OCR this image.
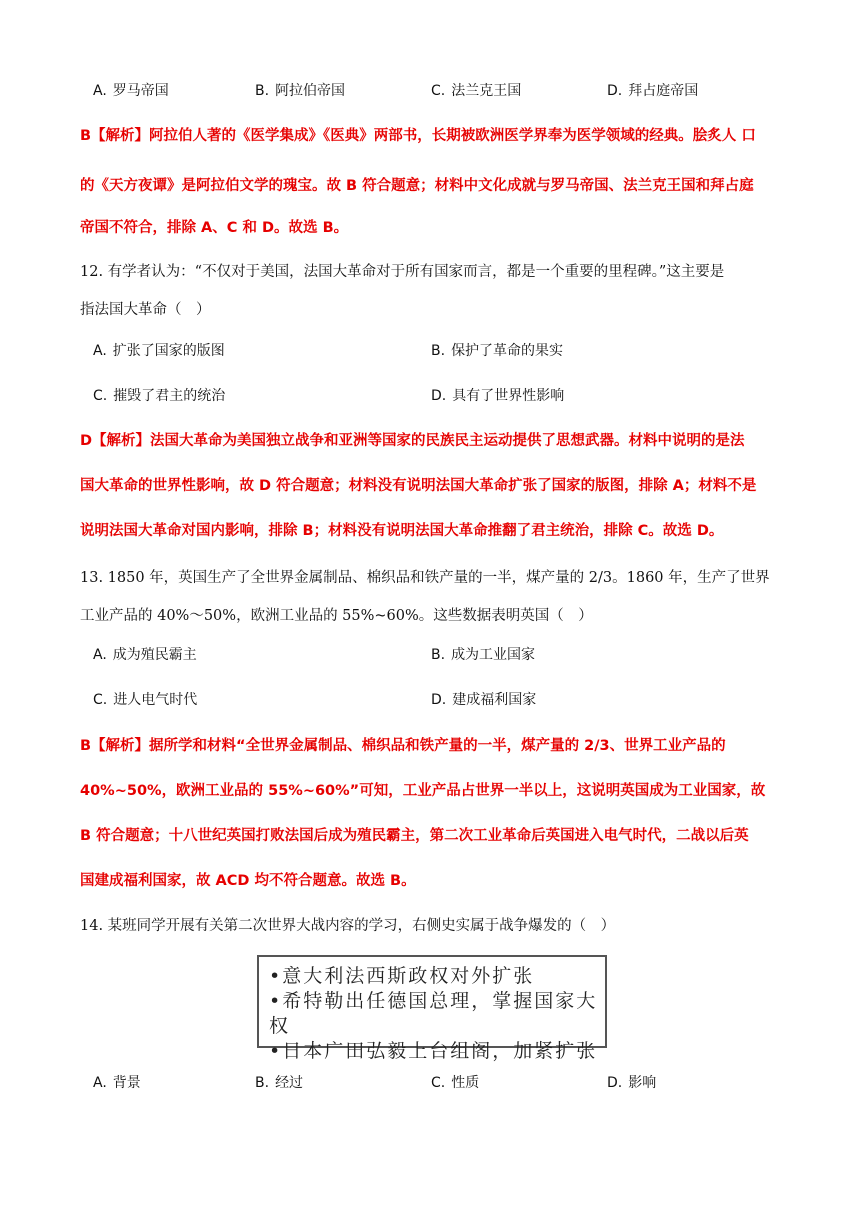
A. 罗马帝国	B. 阿拉伯帝国	C. 法兰克王国	D. 拜占庭帝国
B【解析】阿拉伯人著的《医学集成》《医典》两部书，长期被欧洲医学界奉为医学领域的经典。脍炙人 口
的《天方夜谭》是阿拉伯文学的瑰宝。故 B 符合题意；材料中文化成就与罗马帝国、法兰克王国和拜占庭
帝国不符合，排除 A、C 和 D。故选 B。
12. 有学者认为：“不仅对于美国，法国大革命对于所有国家而言，都是一个重要的里程碑。”这主要是
指法国大革命（　）
A. 扩张了国家的版图	B. 保护了革命的果实
C. 摧毁了君主的统治	D. 具有了世界性影响
D【解析】法国大革命为美国独立战争和亚洲等国家的民族民主运动提供了思想武器。材料中说明的是法
国大革命的世界性影响，故 D 符合题意；材料没有说明法国大革命扩张了国家的版图，排除 A；材料不是
说明法国大革命对国内影响，排除 B；材料没有说明法国大革命推翻了君主统治，排除 C。故选 D。
13. 1850 年，英国生产了全世界金属制品、棉织品和铁产量的一半，煤产量的 2/3。1860 年，生产了世界
工业产品的 40%～50%，欧洲工业品的 55%~60%。这些数据表明英国（　）
A. 成为殖民霸主	B. 成为工业国家
C. 进人电气时代	D. 建成福利国家
B【解析】据所学和材料“全世界金属制品、棉织品和铁产量的一半，煤产量的 2/3、世界工业产品的
40%~50%，欧洲工业品的 55%~60%”可知，工业产品占世界一半以上，这说明英国成为工业国家，故
B 符合题意；十八世纪英国打败法国后成为殖民霸主，第二次工业革命后英国进入电气时代，二战以后英
国建成福利国家，故 ACD 均不符合题意。故选 B。
14. 某班同学开展有关第二次世界大战内容的学习，右侧史实属于战争爆发的（　）
•意大利法西斯政权对外扩张
•希特勒出任德国总理，掌握国家大权
•日本广田弘毅上台组阁，加紧扩张
A. 背景	B. 经过	C. 性质	D. 影响
